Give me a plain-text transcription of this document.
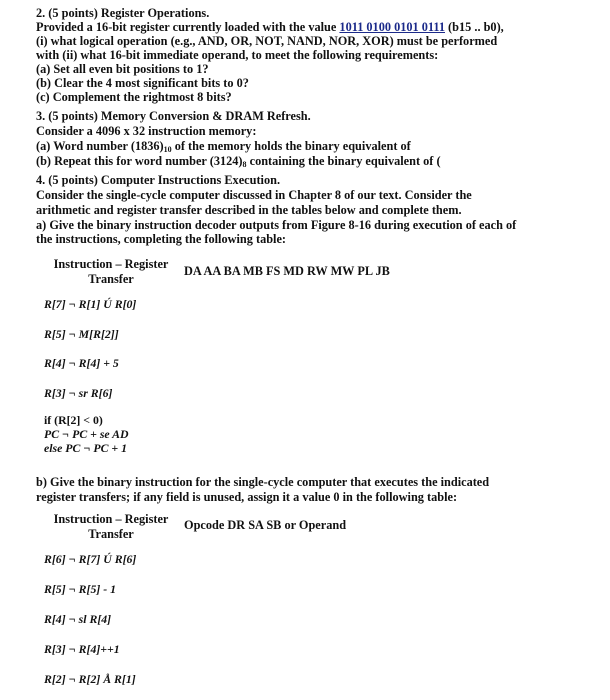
2. (5 points) Register Operations.
Provided a 16-bit register currently loaded with the value 1011 0100 0101 0111 (b15 .. b0),
(i) what logical operation (e.g., AND, OR, NOT, NAND, NOR, XOR) must be performed
with (ii) what 16-bit immediate operand, to meet the following requirements:
(a) Set all even bit positions to 1?
(b) Clear the 4 most significant bits to 0?
(c) Complement the rightmost 8 bits?
3. (5 points) Memory Conversion & DRAM Refresh.
Consider a 4096 x 32 instruction memory:
(a) Word number $(1836)_{10}$ of the memory holds the binary equivalent of
(b) Repeat this for word number $(3124)_8$ containing the binary equivalent of (
4. (5 points) Computer Instructions Execution.
Consider the single-cycle computer discussed in Chapter 8 of our text. Consider the
arithmetic and register transfer described in the tables below and complete them.
a) Give the binary instruction decoder outputs from Figure 8-16 during execution of each of
the instructions, completing the following table:
Instruction – Register
Transfer
DA AA BA MB FS MD RW MW PL JB
R[7] ¬ R[1] Ú R[0]
R[5] ¬ M[R[2]]
R[4] ¬ R[4] + 5
R[3] ¬ sr R[6]
if (R[2] < 0)
PC ¬ PC + se AD
else PC ¬ PC + 1
b) Give the binary instruction for the single-cycle computer that executes the indicated
register transfers; if any field is unused, assign it a value 0 in the following table:
Instruction – Register
Transfer
Opcode DR SA SB or Operand
R[6] ¬ R[7] Ú R[6]
R[5] ¬ R[5] - 1
R[4] ¬ sl R[4]
R[3] ¬ R[4]++1
R[2] ¬ R[2] Å R[1]
